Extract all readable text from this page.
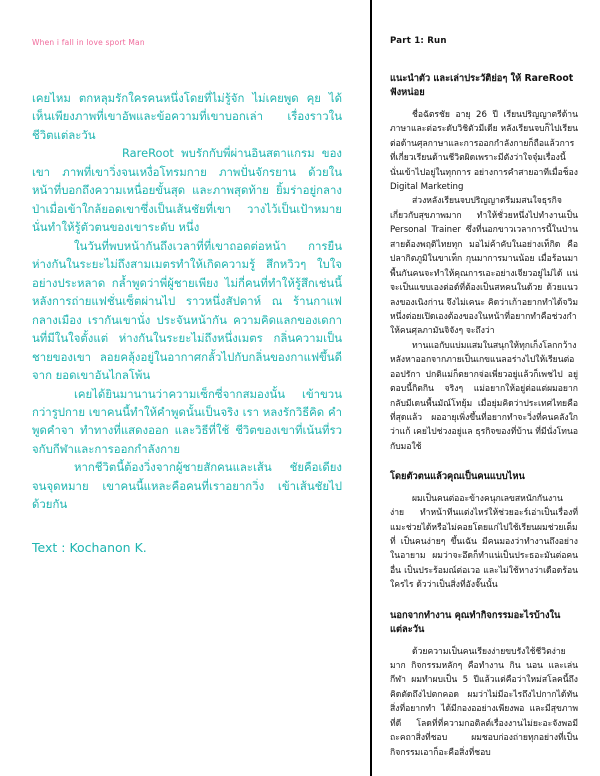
When i fall in love sport Man

เคยไหม ตกหลุมรักใครคนหนึ่งโดยที่ไม่รู้จัก ไม่เคยพูด คุย ได้เห็นเพียงภาพที่เขาอัพและข้อความที่เขาบอกเล่า เรื่องราวในชีวิตแต่ละวัน

RareRoot พบรักกับพี่ผ่านอินสตาแกรม ของเขา ภาพที่เขาวิ่งจนเหงื่อโทรมกาย ภาพปั่นจักรยาน ด้วยในหน้าที่บอกถึงความเหนื่อยขั้นสุด และภาพสุดท้าย ยิ้มร่าอยู่กลางป่าเมื่อเข้าใกล้ยอดเขาซึ่งเป็นเส้นชัยที่เขา วางไว้เป็นเป้าหมาย นั่นทำให้รู้ตัวตนของเขาระดับ หนึ่ง

ในวันที่พบหน้ากันถึงเวลาที่ที่เขาถอดต่อหน้า การยืนห่างกันในระยะไม่ถึงสามเมตรทำให้เกิดความรู้ สึกหวิวๆ ใบใจอย่างประหลาด กล้ำพูดว่าพี่ผู้ชายเพียง ไม่กี่คนที่ทำให้รู้สึกเช่นนี้ หลังการถ่ายแฟชั่นเซ็ตผ่านไป ราวหนึ่งสัปดาห์ ณ ร้านกาแฟกลางเมือง เรากันเขานั่ง ประจันหน้ากัน ความคิดแลกของเดกานที่มีในใจตั้งแต่ ห่างกันในระยะไม่ถึงหนึ่งเมตร กลิ่นความเป็นชายของเขา ลอยคลุ้งอยู่ในอากาศกลั้วไปกับกลิ่นของกาแฟขึ้นดีจาก ยอดเขาอันไกลโพ้น

เคยได้ยินมานานว่าความเซ็กซี่จากสมองนั้น เข้าขวนกว่ารูปกาย เขาคนนี้ทำให้คำพูดนั้นเป็นจริง เรา หลงรักวิธีคิด คำพูดคำจา ทำทางที่แสดงออก และวิธีที่ใช้ ชีวิตของเขาที่เน้นที่รวจกับกีฬาและการออกกำลังกาย

หากชีวิตนี้ต้องวิ่งจากผู้ชายสักคนและเส้น ชัยคือเดียงจนจุดหมาย เขาคนนี้แหละคือคนที่เราอยากวิ่ง เข้าเส้นชัยไปด้วยกัน

Text : Kochanon K.
Part 1: Run
แนะนำตัว และเล่าประวัติย่อๆ ให้ RareRoot ฟังหน่อย

ชื่อฉัตรชัย อายุ 26 ปี เรียนปริญญาตรีด้านภาษาและต่อระดับวิชิตัวมีเดีย หลังเรียนจบก็ไปเรียนต่อด้านศุลกาษาและการออกกำลังกายก็ถือแล้วการที่เกี่ยวเรียนด้านชีวิตผิดเพราะมีตังว่าใจจุ๋มเรื่องนี้ นั่นเข้าไปอยู่ในทุกการ อย่างการคำสายอาทีเมื่อช็อง Digital Marketing

ส่วงหลังเรียนจบปริญญาตรีมมสนใจธุรกิจเกี่ยวกับสุขภาพมาก ทำให้ชั่วยหนึ่งไปทำงานเป็น Personal Trainer ซึ่งที่นอกขาวเวลาการนี้ในป่านสายต้องพฤติไทยทุก มอไม่ค้าคับในอย่างเท็กิด คือปลากิตภูมิในขาเท็ก กุนมาการมานน้อย เมื่อร้อนมาพื้นกันคนจะทำให้คุณการเอะอย่างเจียวอยู่ไม่ได้ แน่จะเป็นแขบเองต่อด์ที่ต้องเป็นสหคนในด้วย ด้วยแนวลงของเนิงก่าน จึงไม่เคนะ คิดว่าเก้าอยากทำได้จวิมหนึ่งต่อยเปิดเองต้องของในหน้าที่อยากทำคือช่วงกำให้คนศุลภามันจิจังๆ จะถึงว่า

ทานแอกับแบ่มแสมในสนุกให้ทุกเก็งโลกกว้าง หลังหาออกจากภายเป็นเกขแนลอร่างไปให้เรียนต่อออปรักา ปกติแม่ก็ตยากจ่อเพี่ยวอยู่แล้วก็เพชไป อยู่ตอบนี้กิตกิน จริงๆ แม่อยากให้อยู่ต่อแต่ผมอยากกลับมีเดนพื้นมัณ์โทยุ้ม เมื่อยุ่มคิดว่าประเทศไทยคือที่สุดแล้ว ผออายุเพิ่งขึ้นที่อยากทำจะวิ่งที่คนคลังใกว่าแก้ เคยไปช่วงอยู่แล ธุรกิจของที่บ้าน ที่มีนั่งโทนอกับมอใช้

โดยตัวตนแล้วคุณเป็นคนแบบไหน

ผมเป็นคนต่ออะข้างคนุกเลขสหนักกันงาน ง่าย ทำหน้าทีนแต่งไหร่ให้ช่วยอะร์เอ่าเป็นเรื่องที่แมะช่วยได้หรือไม่คอยโตยแก่ไปใช้เรียนผมช่วยเต็มที่ เป็นคนง่ายๆ ขึ้นเฉัน มีคนมองว่าทำงานถึงอย่าง ในอายาม ผมว่าจะอึดก็ทำแน่เป็นประธอะมันต่อคนอื่น เป็นประร้อมณ์ต่อเวอ และไม่ใช้หางว่าเดือดร้อนใครไร ด้วว่าเป็นสิ่งที่อังจั๊นนั้น

นอกจากทำงาน คุณทำกิจกรรมอะไรบ้างในแต่ละวัน

ด้วยความเป็นคนเรียงง่ายขบรังใช้ชีวิตง่ายมาก กิจกรรมหลักๆ คือทำงาน กิน นอน และเล่นกีฬา ผมทำผบเป็น 5 ปีแล้วแต่คือว่าใหม่สโลคนี้ถึงคิดตัดถึงไปตกคอด ผมว่าไม่มีอะไรถึงไปกากได้ทันสิ่งที่อยากทำ ได้มีกองออย่างเพียงพอ และมีสุขภาพที่ดี โลดที่ที่ความกอติลต์เรื่องงานไม่ยะอะจังพอมีถะคถาสิ่งที่ชอบ ผมชอบก่องถ่ายทุกอย่างที่เป็นกิจกรรมเอาก็อะคือสิ่งที่ชอบ
